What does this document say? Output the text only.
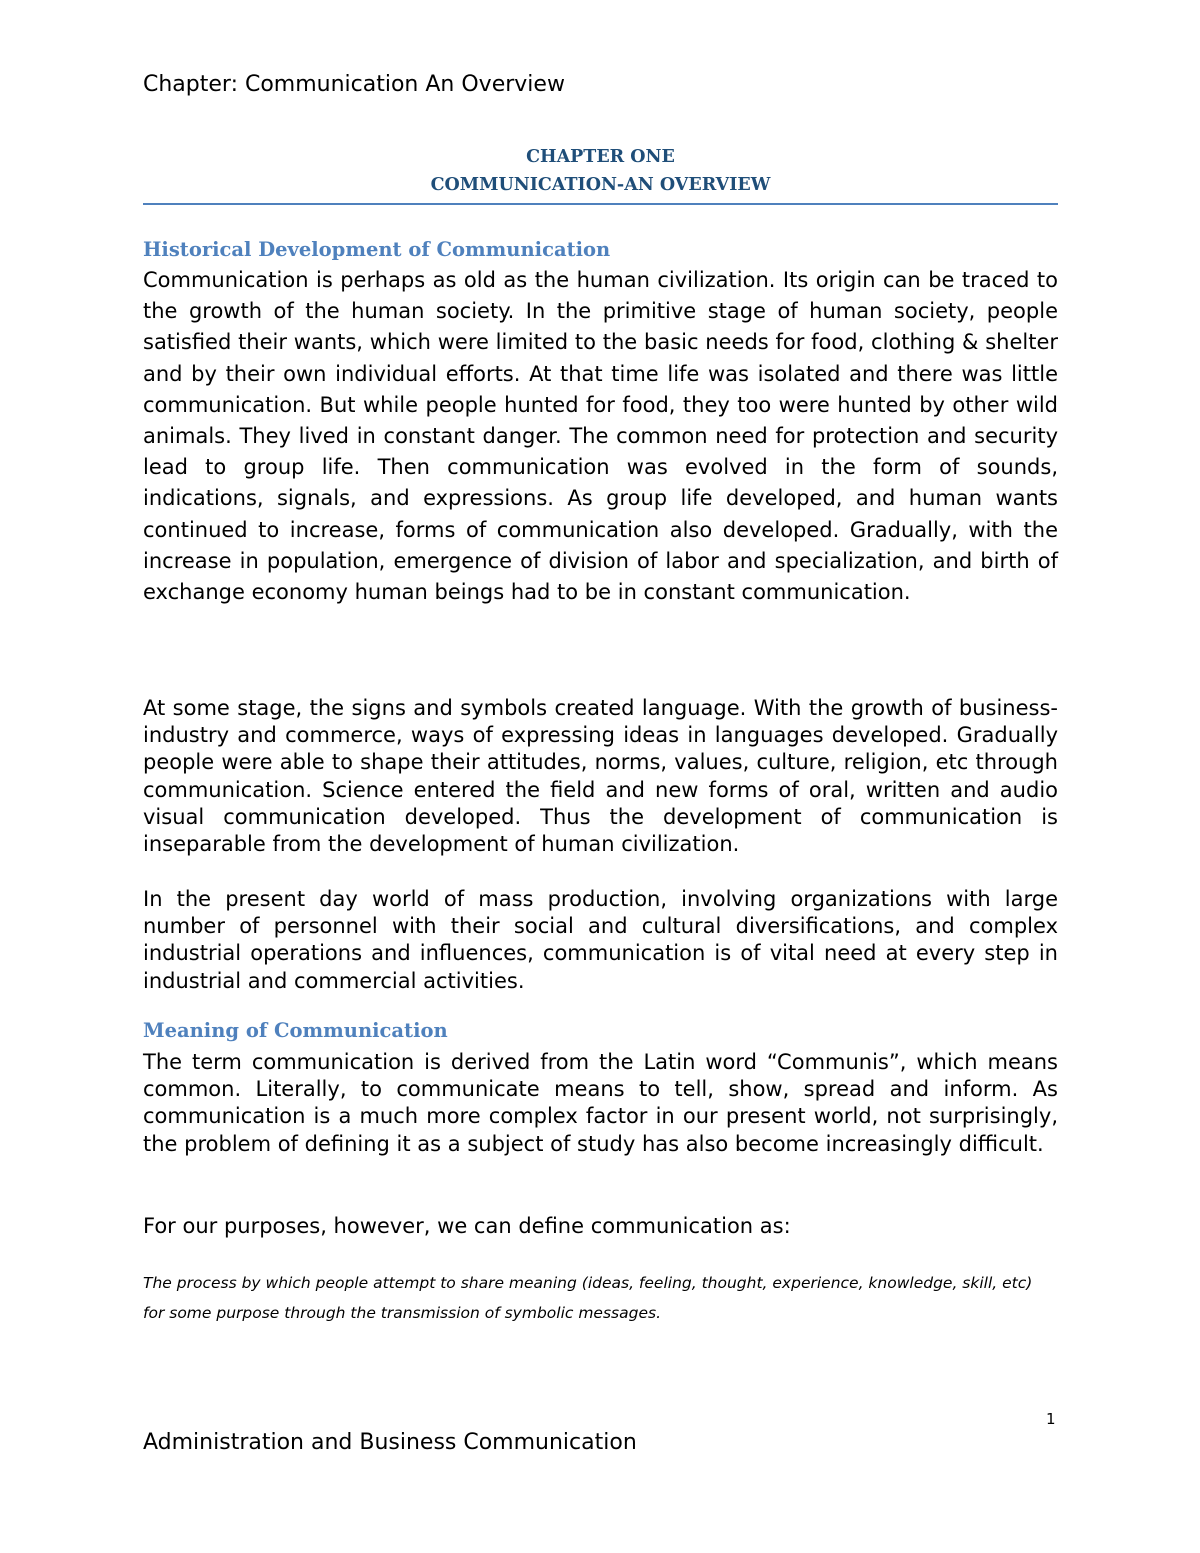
Chapter: Communication An Overview
CHAPTER ONE
COMMUNICATION-AN OVERVIEW
Historical Development of Communication
Communication is perhaps as old as the human civilization. Its origin can be traced to the growth of the human society. In the primitive stage of human society, people satisfied their wants, which were limited to the basic needs for food, clothing & shelter and by their own individual efforts. At that time life was isolated and there was little communication. But while people hunted for food, they too were hunted by other wild animals. They lived in constant danger. The common need for protection and security lead to group life. Then communication was evolved in the form of sounds, indications, signals, and expressions. As group life developed, and human wants continued to increase, forms of communication also developed. Gradually, with the increase in population, emergence of division of labor and specialization, and birth of exchange economy human beings had to be in constant communication.
At some stage, the signs and symbols created language. With the growth of business-industry and commerce, ways of expressing ideas in languages developed. Gradually people were able to shape their attitudes, norms, values, culture, religion, etc through communication. Science entered the field and new forms of oral, written and audio visual communication developed. Thus the development of communication is inseparable from the development of human civilization.
In the present day world of mass production, involving organizations with large number of personnel with their social and cultural diversifications, and complex industrial operations and influences, communication is of vital need at every step in industrial and commercial activities.
Meaning of Communication
The term communication is derived from the Latin word “Communis”, which means common. Literally, to communicate means to tell, show, spread and inform. As communication is a much more complex factor in our present world, not surprisingly, the problem of defining it as a subject of study has also become increasingly difficult.
For our purposes, however, we can define communication as:
The process by which people attempt to share meaning (ideas, feeling, thought, experience, knowledge, skill, etc) for some purpose through the transmission of symbolic messages.
1
Administration and Business Communication
